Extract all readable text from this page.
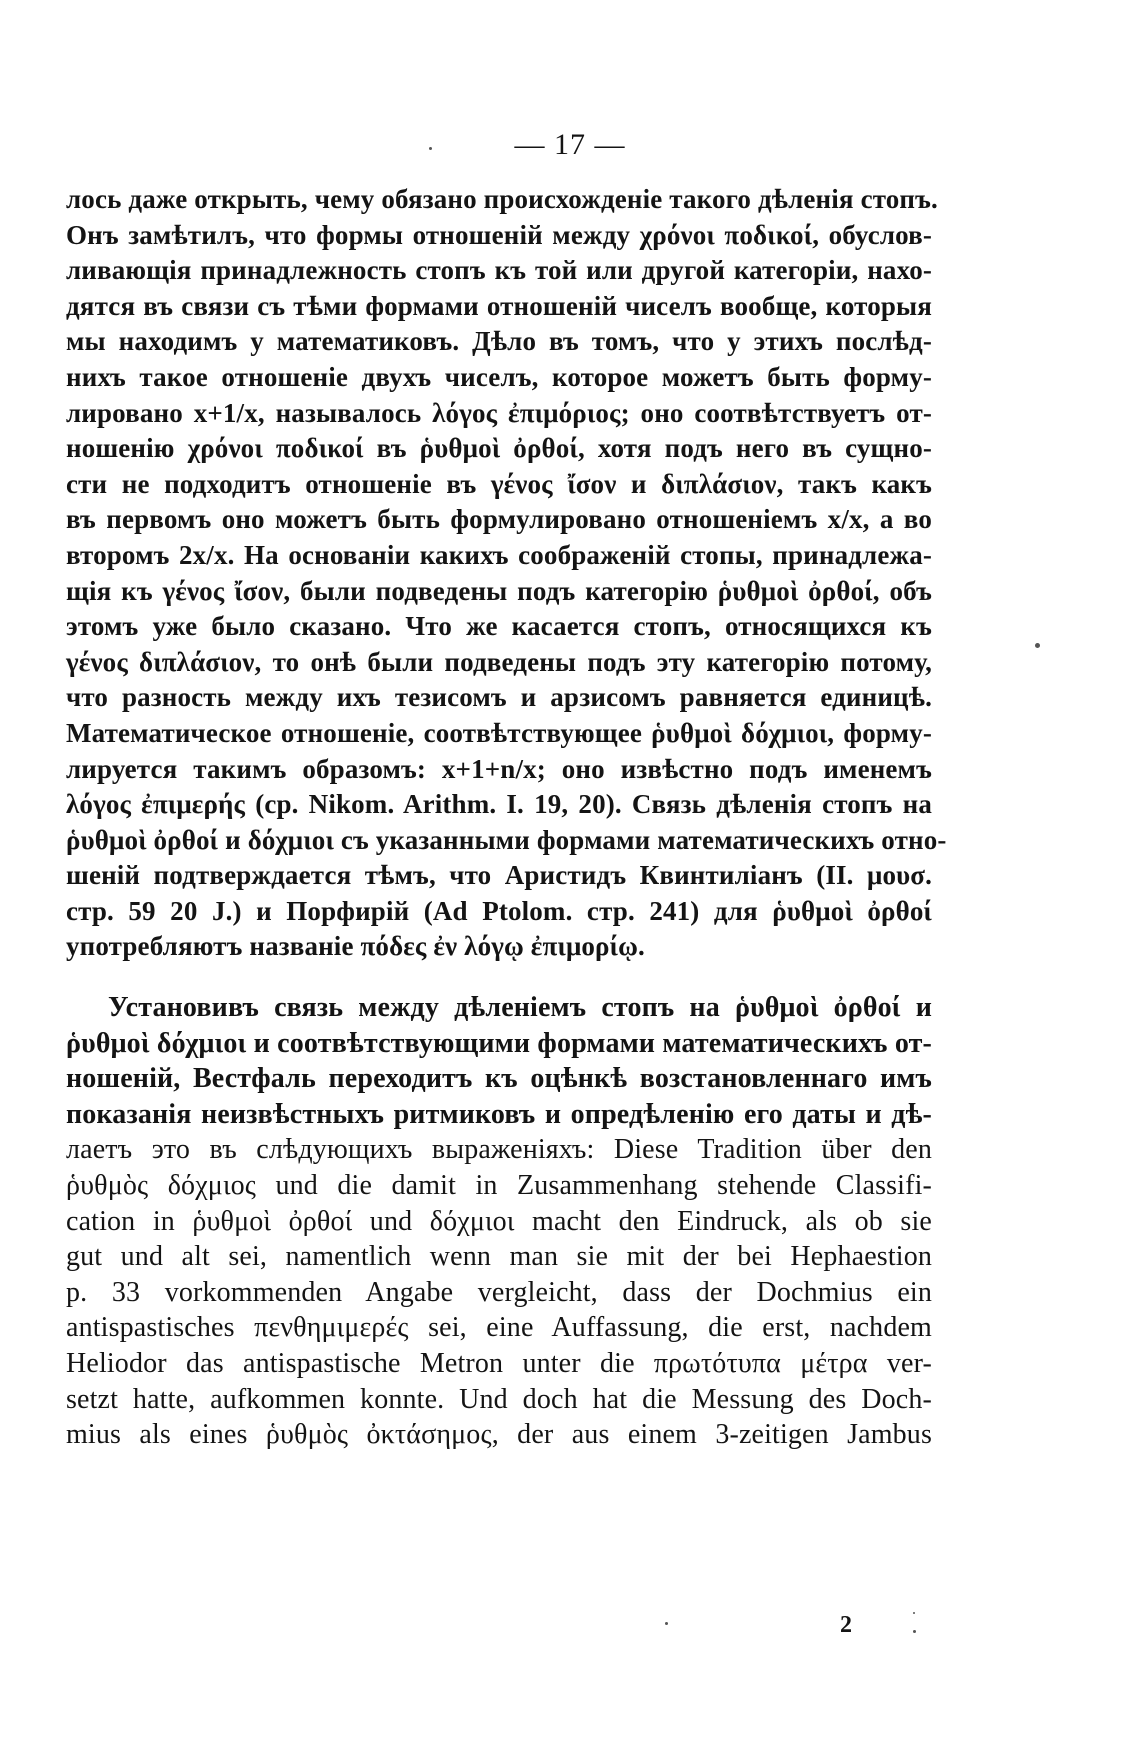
— 17 —
лось даже открыть, чему обязано происхожденіе такого дѣленія стопъ.
Онъ замѣтилъ, что формы отношеній между χρόνοι ποδικοί, обуслов-
ливающія принадлежность стопъ къ той или другой категоріи, нахо-
дятся въ связи съ тѣми формами отношеній чиселъ вообще, которыя
мы находимъ у математиковъ. Дѣло въ томъ, что у этихъ послѣд-
нихъ такое отношеніе двухъ чиселъ, которое можетъ быть форму-
лировано x+1/x, называлось λόγος ἐπιμόριος; оно соотвѣтствуетъ от-
ношенію χρόνοι ποδικοί въ ῥυθμοὶ ὀρθοί, хотя подъ него въ сущно-
сти не подходитъ отношеніе въ γένος ἴσον и διπλάσιον, такъ какъ
въ первомъ оно можетъ быть формулировано отношеніемъ x/x, а во
второмъ 2x/x. На основаніи какихъ соображеній стопы, принадлежа-
щія къ γένος ἴσον, были подведены подъ категорію ῥυθμοὶ ὀρθοί, объ
этомъ уже было сказано. Что же касается стопъ, относящихся къ
γένος διπλάσιον, то онѣ были подведены подъ эту категорію потому,
что разность между ихъ тезисомъ и арзисомъ равняется единицѣ.
Математическое отношеніе, соотвѣтствующее ῥυθμοὶ δόχμιοι, форму-
лируется такимъ образомъ: x+1+n/x; оно извѣстно подъ именемъ
λόγος ἐπιμερής (ср. Nikom. Arithm. I. 19, 20). Связь дѣленія стопъ на
ῥυθμοὶ ὀρθοί и δόχμιοι съ указанными формами математическихъ отно-
шеній подтверждается тѣмъ, что Аристидъ Квинтиліанъ (II. μουσ.
стр. 59 20 J.) и Порфирій (Ad Ptolom. стр. 241) для ῥυθμοὶ ὀρθοί
употребляютъ названіе πόδες ἐν λόγῳ ἐπιμορίῳ.
Установивъ связь между дѣленіемъ стопъ на ῥυθμοὶ ὀρθοί и
ῥυθμοὶ δόχμιοι и соотвѣтствующими формами математическихъ от-
ношеній, Вестфаль переходитъ къ оцѣнкѣ возстановленнаго имъ
показанія неизвѣстныхъ ритмиковъ и опредѣленію его даты и дѣ-
лаетъ это въ слѣдующихъ выраженіяхъ: Diese Tradition über den
ῥυθμὸς δόχμιος und die damit in Zusammenhang stehende Classifi-
cation in ῥυθμοὶ ὀρθοί und δόχμιοι macht den Eindruck, als ob sie
gut und alt sei, namentlich wenn man sie mit der bei Hephaestion
p. 33 vorkommenden Angabe vergleicht, dass der Dochmius ein
antispastisches πενθημιμερές sei, eine Auffassung, die erst, nachdem
Heliodor das antispastische Metron unter die πρωτότυπα μέτρα ver-
setzt hatte, aufkommen konnte. Und doch hat die Messung des Doch-
mius als eines ῥυθμὸς ὀκτάσημος, der aus einem 3-zeitigen Jambus
2
